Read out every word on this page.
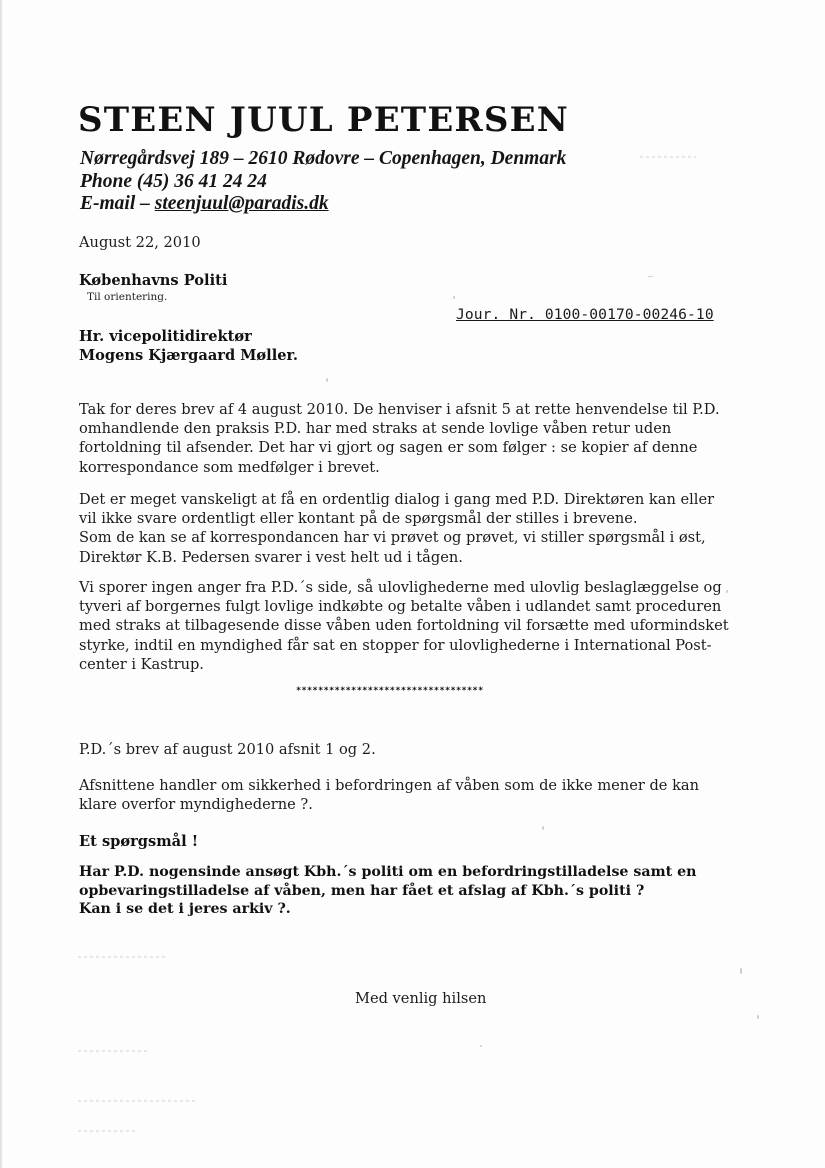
STEEN JUUL PETERSEN
Nørregårdsvej 189 – 2610 Rødovre – Copenhagen, Denmark
Phone (45) 36 41 24 24
E-mail – steenjuul@paradis.dk
August 22, 2010
Københavns Politi
Til orientering.
Jour. Nr. 0100-00170-00246-10
Hr. vicepolitidirektør
Mogens Kjærgaard Møller.
Tak for deres brev af 4 august 2010. De henviser i afsnit 5 at rette henvendelse til P.D.
omhandlende den praksis P.D. har med straks at sende lovlige våben retur uden
fortoldning til afsender. Det har vi gjort og sagen er som følger : se kopier af denne
korrespondance som medfølger i brevet.
Det er meget vanskeligt at få en ordentlig dialog i gang med P.D. Direktøren kan eller
vil ikke svare ordentligt eller kontant på de spørgsmål der stilles i brevene.
Som de kan se af korrespondancen har vi prøvet og prøvet, vi stiller spørgsmål i øst,
Direktør K.B. Pedersen svarer i vest helt ud i tågen.
Vi sporer ingen anger fra P.D.´s side, så ulovlighederne med ulovlig beslaglæggelse og
tyveri af borgernes fulgt lovlige indkøbte og betalte våben i udlandet samt proceduren
med straks at tilbagesende disse våben uden fortoldning vil forsætte med uformindsket
styrke, indtil en myndighed får sat en stopper for ulovlighederne i International Post-
center i Kastrup.
**********************************
P.D.´s brev af august 2010 afsnit 1 og 2.
Afsnittene handler om sikkerhed i befordringen af våben som de ikke mener de kan
klare overfor myndighederne ?.
Et spørgsmål !
Har P.D. nogensinde ansøgt Kbh.´s politi om en befordringstilladelse samt en
opbevaringstilladelse af våben, men har fået et afslag af Kbh.´s politi ?
Kan i se det i jeres arkiv ?.
Med venlig hilsen
